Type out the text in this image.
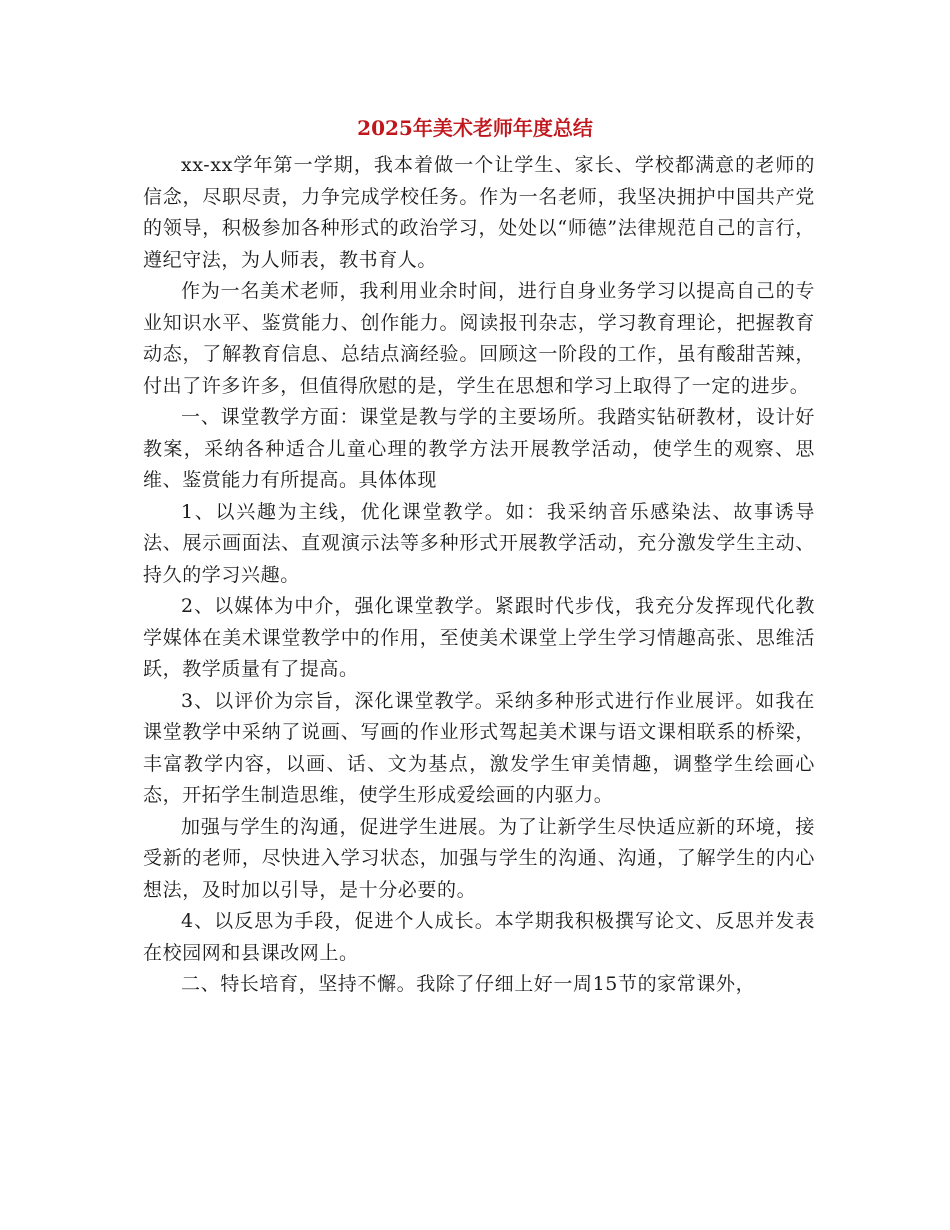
2025年美术老师年度总结

xx-xx学年第一学期，我本着做一个让学生、家长、学校都满意的老师的信念，尽职尽责，力争完成学校任务。作为一名老师，我坚决拥护中国共产党的领导，积极参加各种形式的政治学习，处处以“师德”法律规范自己的言行，遵纪守法，为人师表，教书育人。

作为一名美术老师，我利用业余时间，进行自身业务学习以提高自己的专业知识水平、鉴赏能力、创作能力。阅读报刊杂志，学习教育理论，把握教育动态，了解教育信息、总结点滴经验。回顾这一阶段的工作，虽有酸甜苦辣，付出了许多许多，但值得欣慰的是，学生在思想和学习上取得了一定的进步。

一、课堂教学方面：课堂是教与学的主要场所。我踏实钻研教材，设计好教案，采纳各种适合儿童心理的教学方法开展教学活动，使学生的观察、思维、鉴赏能力有所提高。具体体现

1、以兴趣为主线，优化课堂教学。如：我采纳音乐感染法、故事诱导法、展示画面法、直观演示法等多种形式开展教学活动，充分激发学生主动、持久的学习兴趣。

2、以媒体为中介，强化课堂教学。紧跟时代步伐，我充分发挥现代化教学媒体在美术课堂教学中的作用，至使美术课堂上学生学习情趣高张、思维活跃，教学质量有了提高。

3、以评价为宗旨，深化课堂教学。采纳多种形式进行作业展评。如我在课堂教学中采纳了说画、写画的作业形式驾起美术课与语文课相联系的桥梁，丰富教学内容，以画、话、文为基点，激发学生审美情趣，调整学生绘画心态，开拓学生制造思维，使学生形成爱绘画的内驱力。

加强与学生的沟通，促进学生进展。为了让新学生尽快适应新的环境，接受新的老师，尽快进入学习状态，加强与学生的沟通、沟通，了解学生的内心想法，及时加以引导，是十分必要的。

4、以反思为手段，促进个人成长。本学期我积极撰写论文、反思并发表在校园网和县课改网上。

二、特长培育，坚持不懈。我除了仔细上好一周15节的家常课外，
